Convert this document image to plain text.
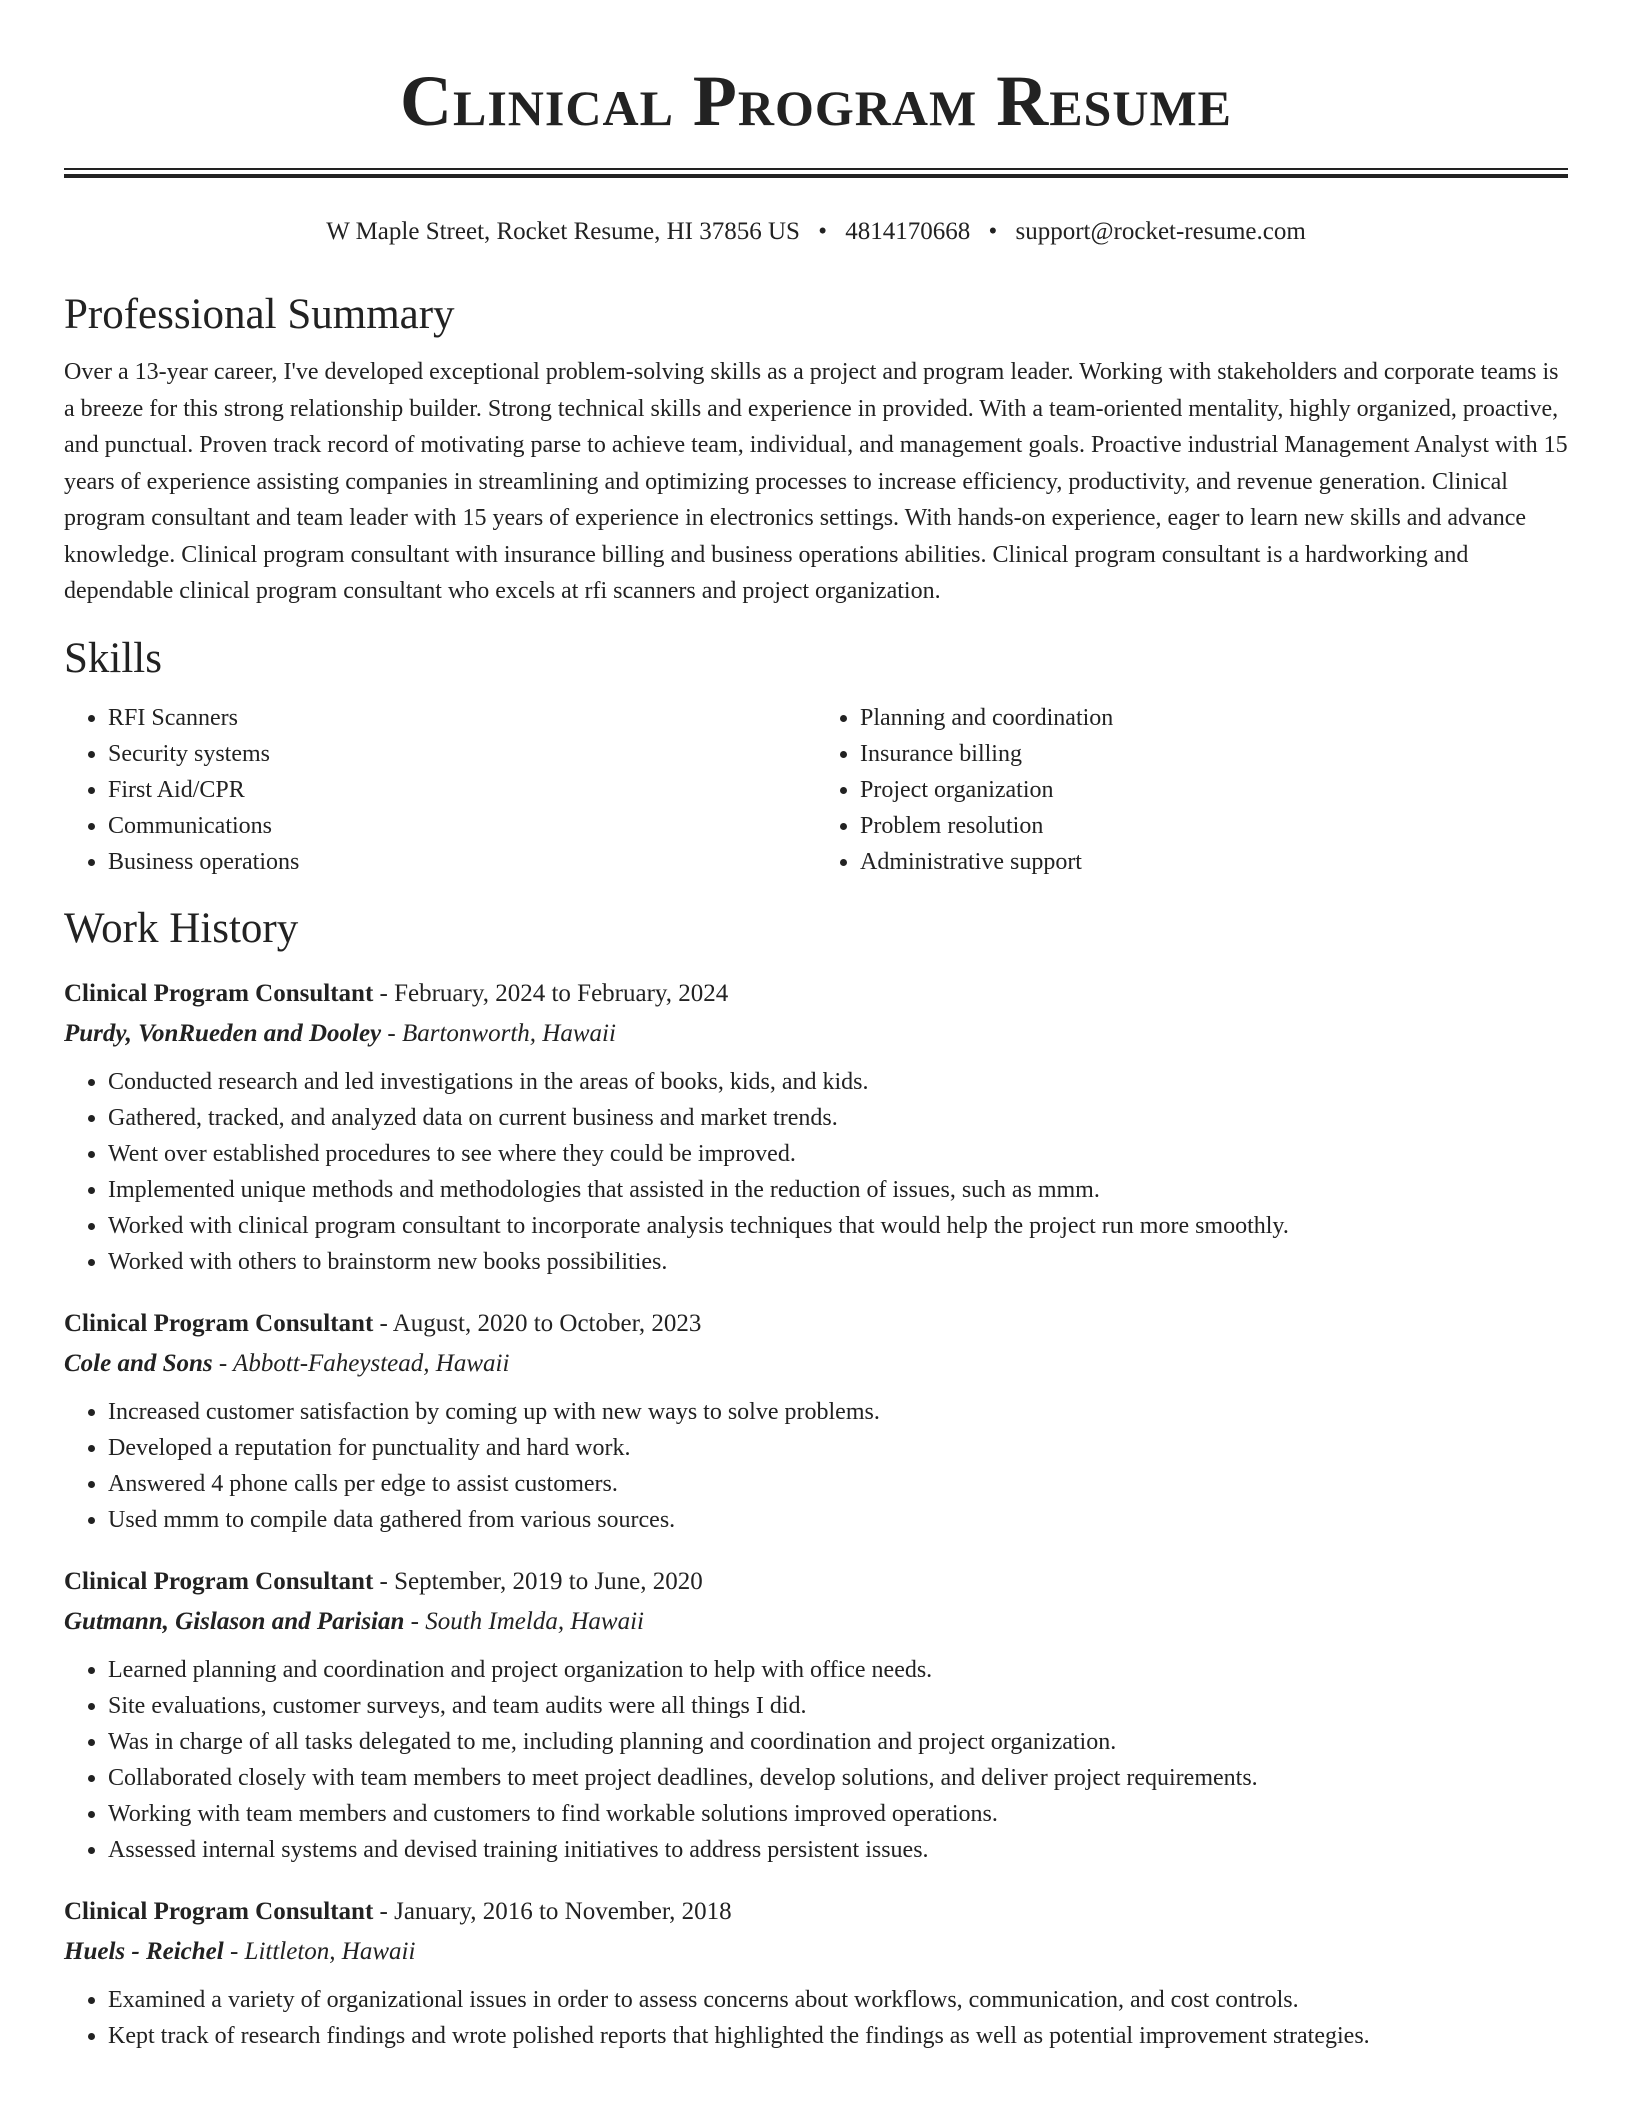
Clinical Program Resume
W Maple Street, Rocket Resume, HI 37856 US • 4814170668 • support@rocket-resume.com
Professional Summary

Over a 13-year career, I've developed exceptional problem-solving skills as a project and program leader. Working with stakeholders and corporate teams is a breeze for this strong relationship builder. Strong technical skills and experience in provided. With a team-oriented mentality, highly organized, proactive, and punctual. Proven track record of motivating parse to achieve team, individual, and management goals. Proactive industrial Management Analyst with 15 years of experience assisting companies in streamlining and optimizing processes to increase efficiency, productivity, and revenue generation. Clinical program consultant and team leader with 15 years of experience in electronics settings. With hands-on experience, eager to learn new skills and advance knowledge. Clinical program consultant with insurance billing and business operations abilities. Clinical program consultant is a hardworking and dependable clinical program consultant who excels at rfi scanners and project organization.

Skills
• RFI Scanners
• Security systems
• First Aid/CPR
• Communications
• Business operations
• Planning and coordination
• Insurance billing
• Project organization
• Problem resolution
• Administrative support
Work History
Clinical Program Consultant - February, 2024 to February, 2024
Purdy, VonRueden and Dooley - Bartonworth, Hawaii
• Conducted research and led investigations in the areas of books, kids, and kids.
• Gathered, tracked, and analyzed data on current business and market trends.
• Went over established procedures to see where they could be improved.
• Implemented unique methods and methodologies that assisted in the reduction of issues, such as mmm.
• Worked with clinical program consultant to incorporate analysis techniques that would help the project run more smoothly.
• Worked with others to brainstorm new books possibilities.
Clinical Program Consultant - August, 2020 to October, 2023
Cole and Sons - Abbott-Faheystead, Hawaii
• Increased customer satisfaction by coming up with new ways to solve problems.
• Developed a reputation for punctuality and hard work.
• Answered 4 phone calls per edge to assist customers.
• Used mmm to compile data gathered from various sources.
Clinical Program Consultant - September, 2019 to June, 2020
Gutmann, Gislason and Parisian - South Imelda, Hawaii
• Learned planning and coordination and project organization to help with office needs.
• Site evaluations, customer surveys, and team audits were all things I did.
• Was in charge of all tasks delegated to me, including planning and coordination and project organization.
• Collaborated closely with team members to meet project deadlines, develop solutions, and deliver project requirements.
• Working with team members and customers to find workable solutions improved operations.
• Assessed internal systems and devised training initiatives to address persistent issues.
Clinical Program Consultant - January, 2016 to November, 2018
Huels - Reichel - Littleton, Hawaii
• Examined a variety of organizational issues in order to assess concerns about workflows, communication, and cost controls.
• Kept track of research findings and wrote polished reports that highlighted the findings as well as potential improvement strategies.
